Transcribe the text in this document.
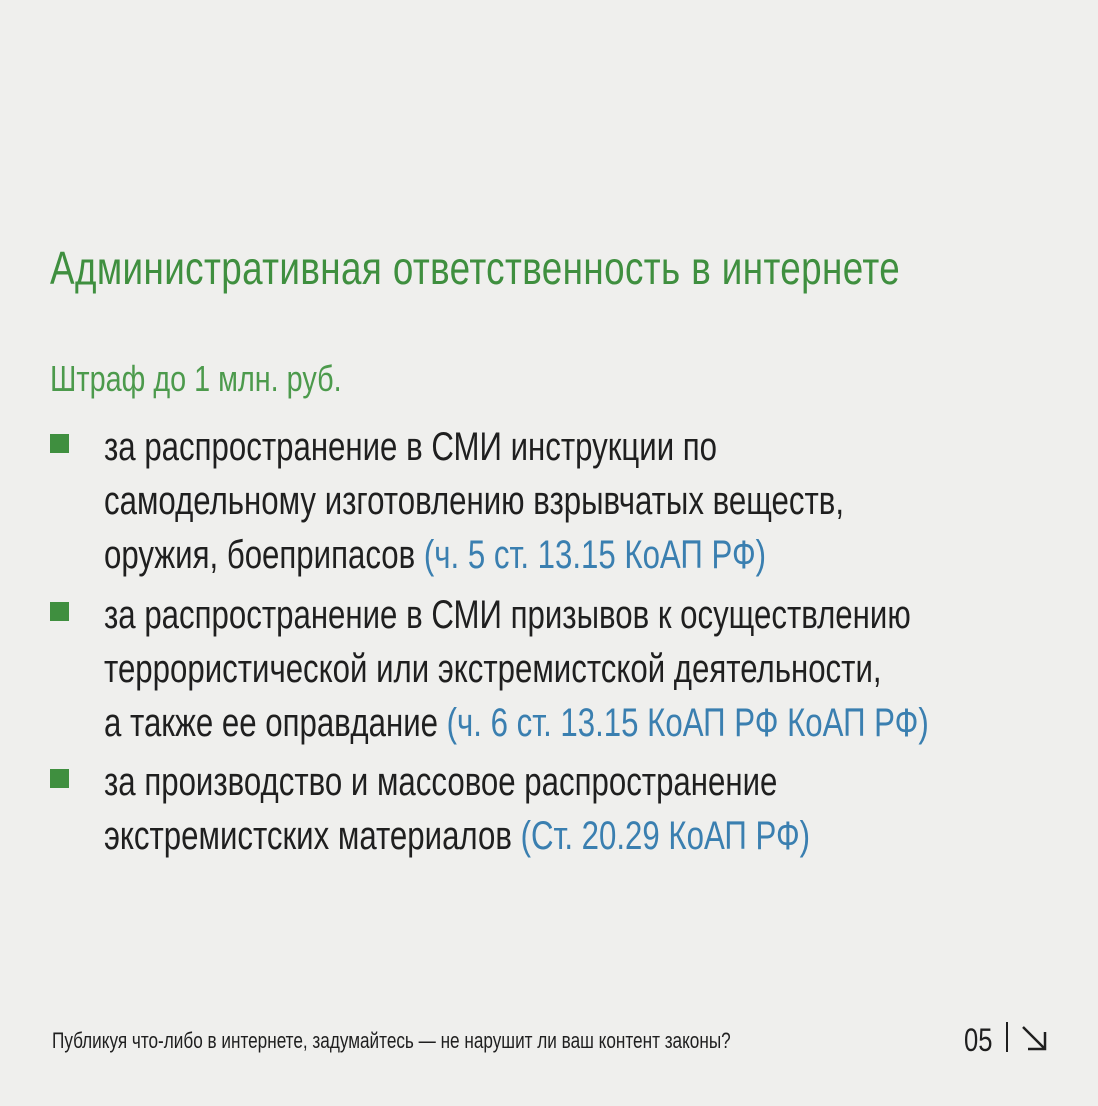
Административная ответственность в интернете
Штраф до 1 млн. руб.
за распространение в СМИ инструкции по
самодельному изготовлению взрывчатых веществ,
оружия, боеприпасов (ч. 5 ст. 13.15 КоАП РФ)
за распространение в СМИ призывов к осуществлению
террористической или экстремистской деятельности,
а также ее оправдание (ч. 6 ст. 13.15 КоАП РФ КоАП РФ)
за производство и массовое распространение
экстремистских материалов (Ст. 20.29 КоАП РФ)
Публикуя что-либо в интернете, задумайтесь — не нарушит ли ваш контент законы?	05
